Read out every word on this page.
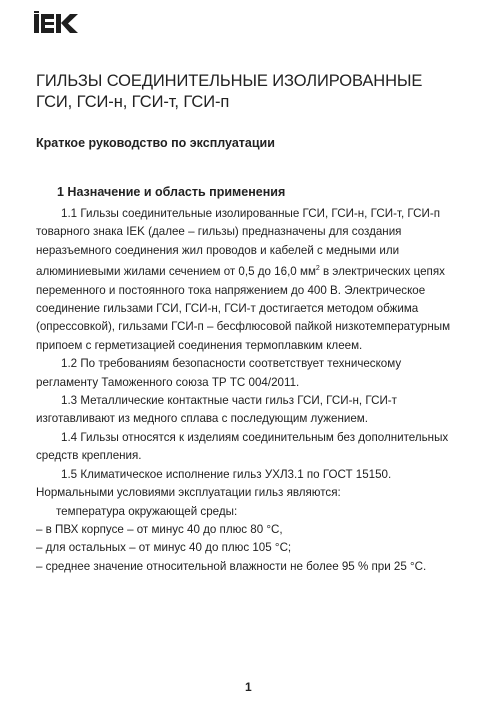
ГИЛЬЗЫ СОЕДИНИТЕЛЬНЫЕ ИЗОЛИРОВАННЫЕ
ГСИ, ГСИ-н, ГСИ-т, ГСИ-п
Краткое руководство по эксплуатации
1 Назначение и область применения

1.1 Гильзы соединительные изолированные ГСИ, ГСИ-н, ГСИ-т, ГСИ-п
товарного знака IEK (далее – гильзы) предназначены для создания
неразъемного соединения жил проводов и кабелей с медными или
алюминиевыми жилами сечением от 0,5 до 16,0 $мм^2$ в электрических цепях
переменного и постоянного тока напряжением до 400 В. Электрическое
соединение гильзами ГСИ, ГСИ-н, ГСИ-т достигается методом обжима
(опрессовкой), гильзами ГСИ-п – бесфлюсовой пайкой низкотемпературным
припоем с герметизацией соединения термоплавким клеем.

1.2 По требованиям безопасности соответствует техническому
регламенту Таможенного союза ТР ТС 004/2011.

1.3 Металлические контактные части гильз ГСИ, ГСИ-н, ГСИ-т
изготавливают из медного сплава с последующим лужением.

1.4 Гильзы относятся к изделиям соединительным без дополнительных
средств крепления.

1.5 Климатическое исполнение гильз УХЛ3.1 по ГОСТ 15150.
Нормальными условиями эксплуатации гильз являются:
температура окружающей среды:
– в ПВХ корпусе – от минус 40 до плюс 80 °С,
– для остальных – от минус 40 до плюс 105 °С;
– среднее значение относительной влажности не более 95 % при 25 °С.

1
